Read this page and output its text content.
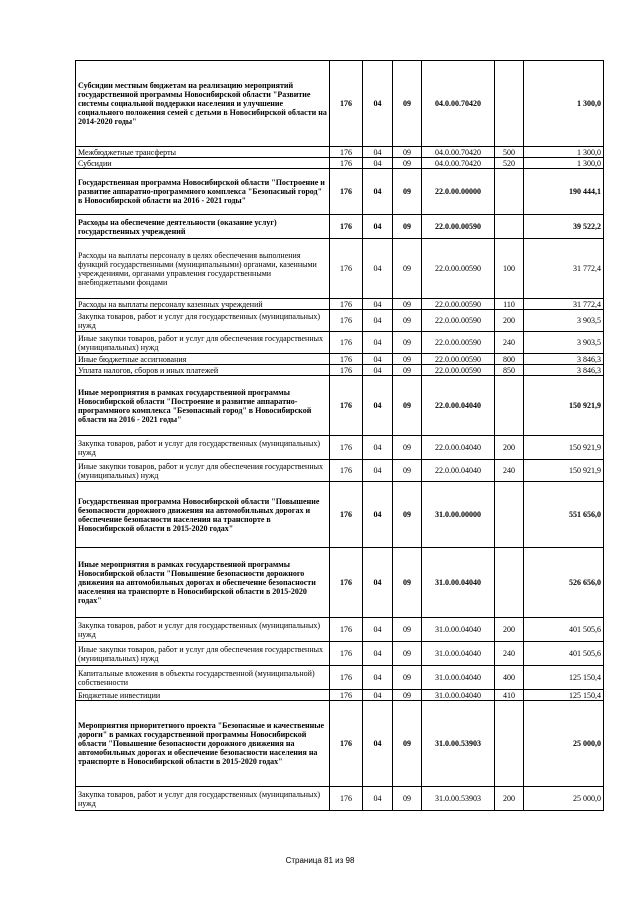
Субсидии местным бюджетам на реализацию мероприятий государственной программы Новосибирской области "Развитие системы социальной поддержки населения и улучшение социального положения семей с детьми в Новосибирской области на 2014-2020 годы"	176	04	09	04.0.00.70420		1 300,0
Межбюджетные трансферты	176	04	09	04.0.00.70420	500	1 300,0
Субсидии	176	04	09	04.0.00.70420	520	1 300,0
Государственная программа Новосибирской области "Построение и развитие аппаратно-программного комплекса "Безопасный город" в Новосибирской области на 2016 - 2021 годы"	176	04	09	22.0.00.00000		190 444,1
Расходы на обеспечение деятельности (оказание услуг) государственных учреждений	176	04	09	22.0.00.00590		39 522,2
Расходы на выплаты персоналу в целях обеспечения выполнения функций государственными (муниципальными) органами, казенными учреждениями, органами управления государственными внебюджетными фондами	176	04	09	22.0.00.00590	100	31 772,4
Расходы на выплаты персоналу казенных учреждений	176	04	09	22.0.00.00590	110	31 772,4
Закупка товаров, работ и услуг для государственных (муниципальных) нужд	176	04	09	22.0.00.00590	200	3 903,5
Иные закупки товаров, работ и услуг для обеспечения государственных (муниципальных) нужд	176	04	09	22.0.00.00590	240	3 903,5
Иные бюджетные ассигнования	176	04	09	22.0.00.00590	800	3 846,3
Уплата налогов, сборов и иных платежей	176	04	09	22.0.00.00590	850	3 846,3
Иные мероприятия в рамках государственной программы Новосибирской области "Построение и развитие аппаратно-программного комплекса "Безопасный город" в Новосибирской области на 2016 - 2021 годы"	176	04	09	22.0.00.04040		150 921,9
Закупка товаров, работ и услуг для государственных (муниципальных) нужд	176	04	09	22.0.00.04040	200	150 921,9
Иные закупки товаров, работ и услуг для обеспечения государственных (муниципальных) нужд	176	04	09	22.0.00.04040	240	150 921,9
Государственная программа Новосибирской области "Повышение безопасности дорожного движения на автомобильных дорогах и обеспечение безопасности населения на транспорте в Новосибирской области в 2015-2020 годах"	176	04	09	31.0.00.00000		551 656,0
Иные мероприятия в рамках государственной программы Новосибирской области "Повышение безопасности дорожного движения на автомобильных дорогах и обеспечение безопасности населения на транспорте в Новосибирской области в 2015-2020 годах"	176	04	09	31.0.00.04040		526 656,0
Закупка товаров, работ и услуг для государственных (муниципальных) нужд	176	04	09	31.0.00.04040	200	401 505,6
Иные закупки товаров, работ и услуг для обеспечения государственных (муниципальных) нужд	176	04	09	31.0.00.04040	240	401 505,6
Капитальные вложения в объекты государственной (муниципальной) собственности	176	04	09	31.0.00.04040	400	125 150,4
Бюджетные инвестиции	176	04	09	31.0.00.04040	410	125 150,4
Мероприятия приоритетного проекта "Безопасные и качественные дороги" в рамках государственной программы Новосибирской области "Повышение безопасности дорожного движения на автомобильных дорогах и обеспечение безопасности населения на транспорте в Новосибирской области в 2015-2020 годах"	176	04	09	31.0.00.53903		25 000,0
Закупка товаров, работ и услуг для государственных (муниципальных) нужд	176	04	09	31.0.00.53903	200	25 000,0
Страница 81 из 98
